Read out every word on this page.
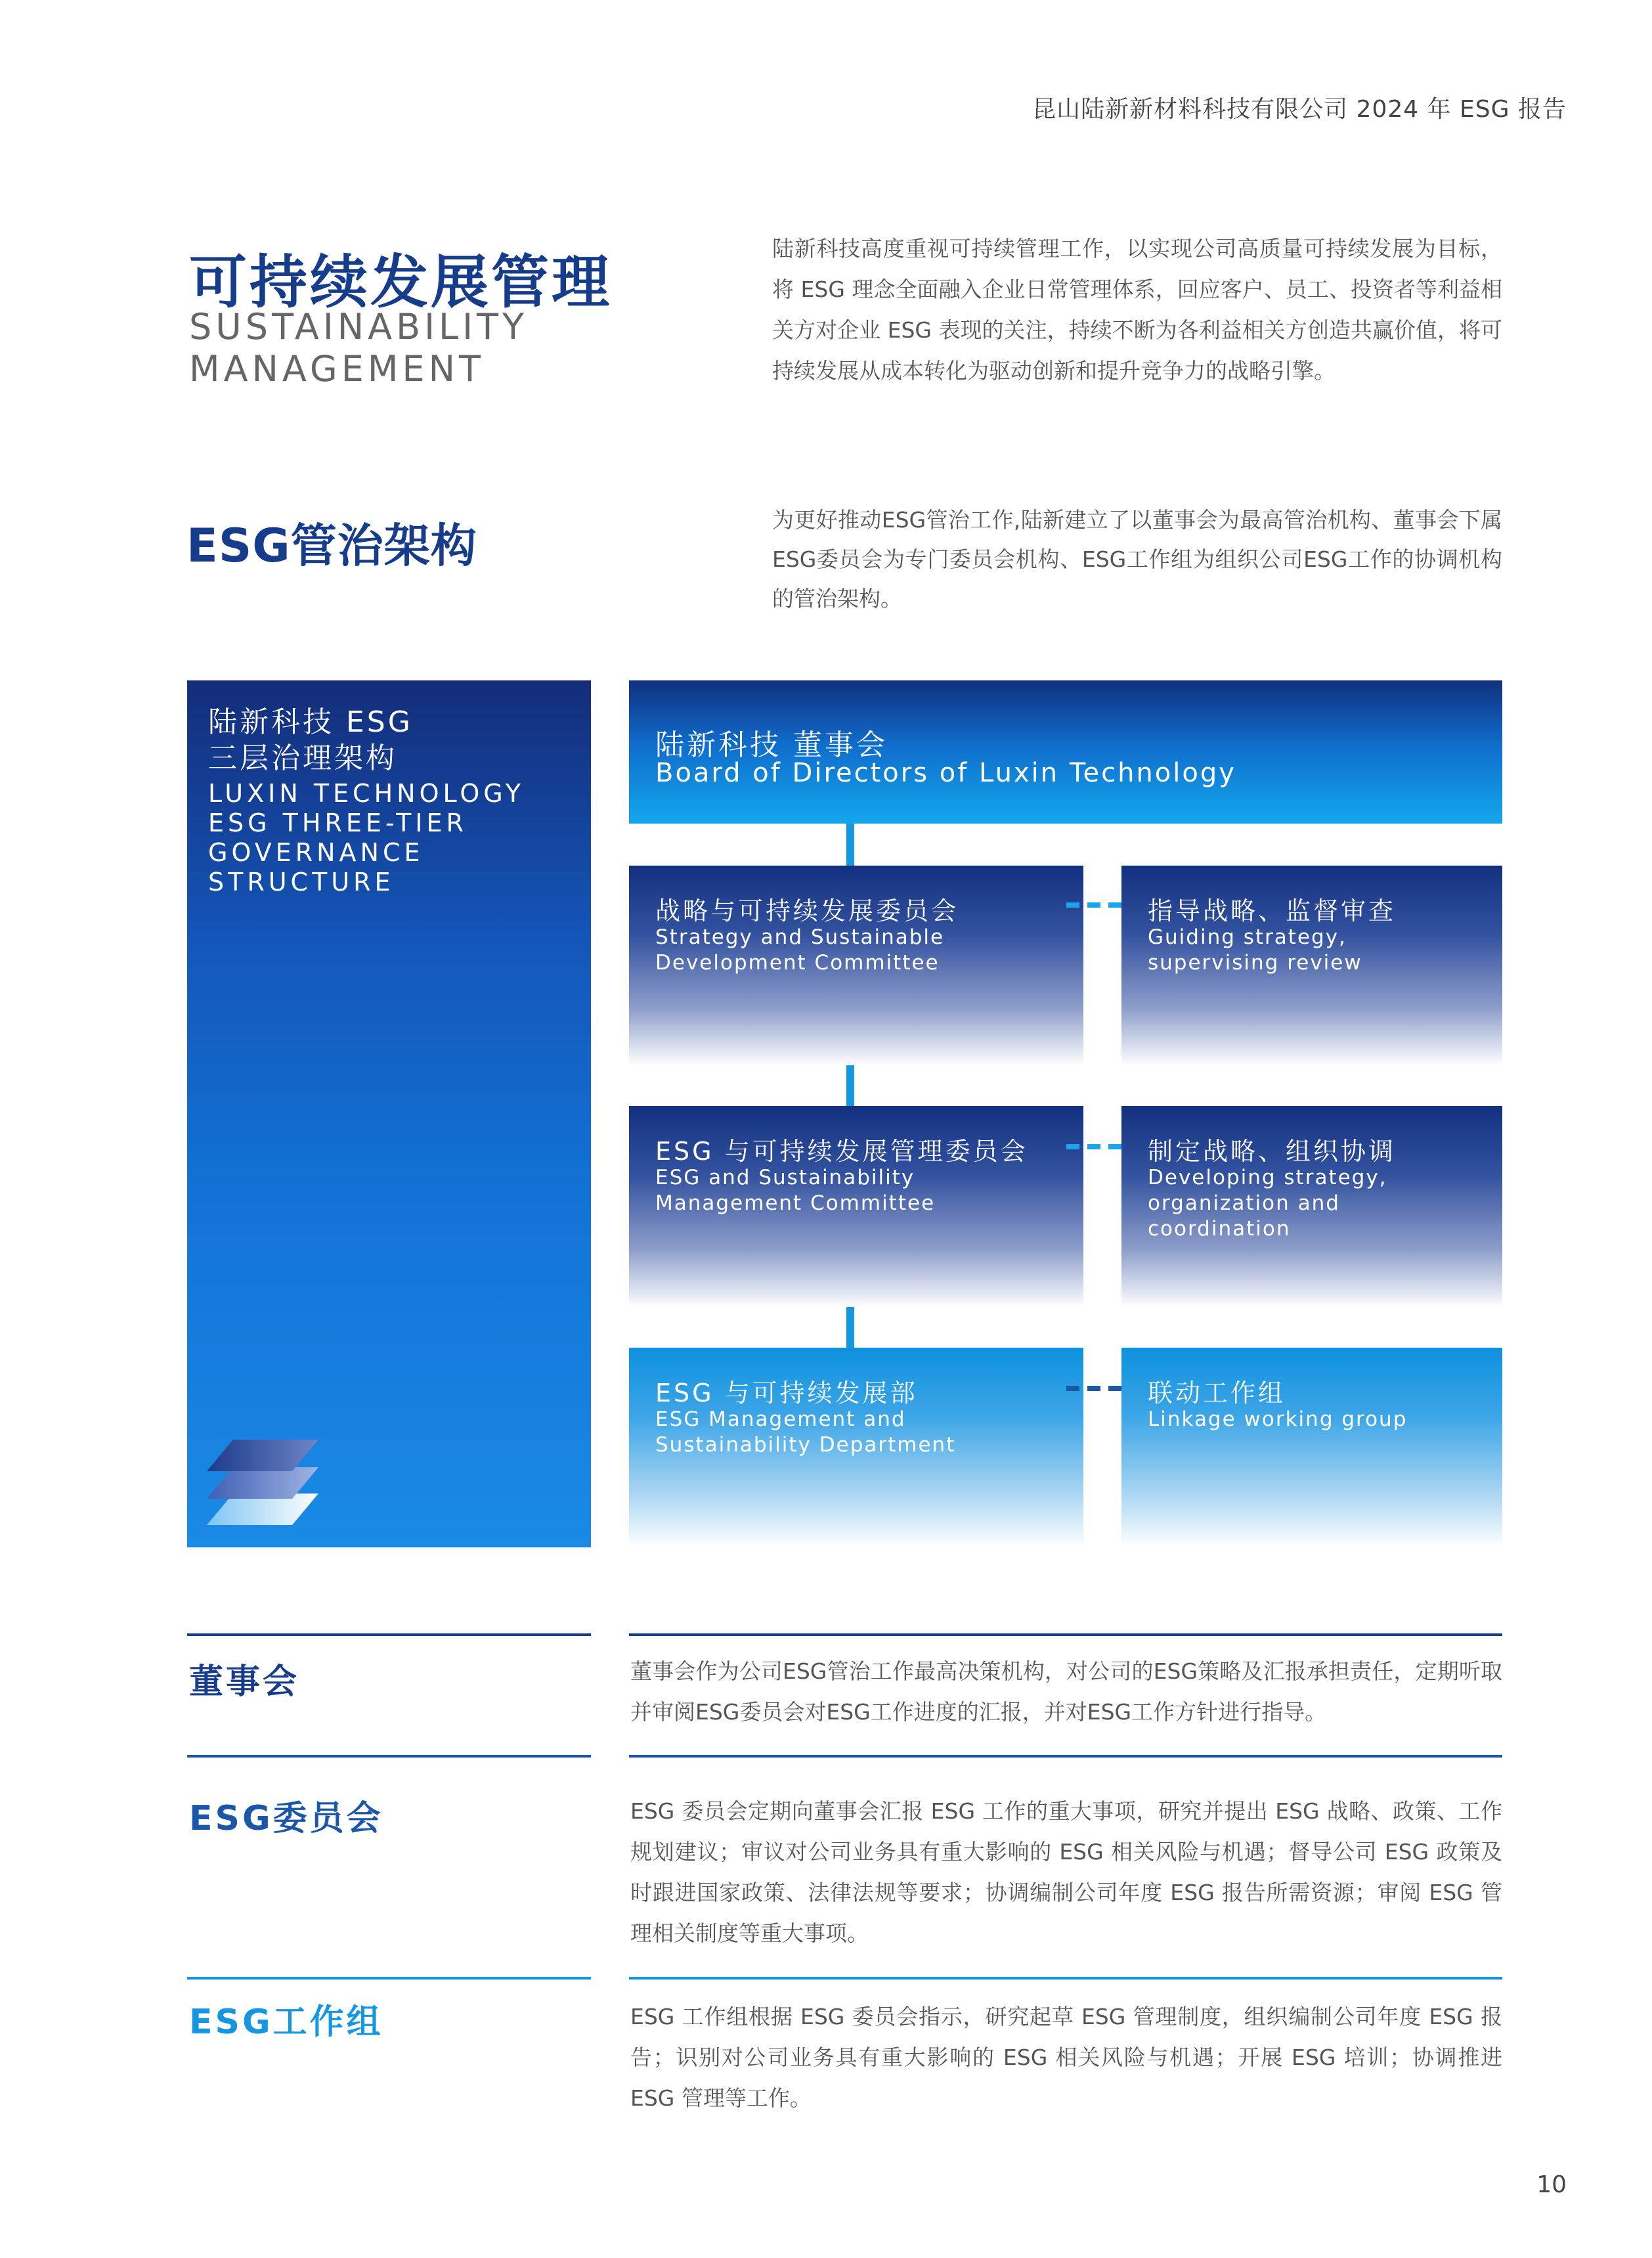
昆山陆新新材料科技有限公司 2024 年 ESG 报告
可持续发展管理
SUSTAINABILITY
MANAGEMENT
陆新科技高度重视可持续管理工作，以实现公司高质量可持续发展为目标，将 ESG 理念全面融入企业日常管理体系，回应客户、员工、投资者等利益相关方对企业 ESG 表现的关注，持续不断为各利益相关方创造共赢价值，将可持续发展从成本转化为驱动创新和提升竞争力的战略引擎。
ESG管治架构	为更好推动ESG管治工作,陆新建立了以董事会为最高管治机构、董事会下属ESG委员会为专门委员会机构、ESG工作组为组织公司ESG工作的协调机构的管治架构。
陆新科技 ESG
三层治理架构
LUXIN TECHNOLOGY ESG THREE-TIER GOVERNANCE STRUCTURE
陆新科技 董事会
Board of Directors of Luxin Technology
战略与可持续发展委员会
Strategy and Sustainable Development Committee
指导战略、监督审查
Guiding strategy, supervising review
ESG 与可持续发展管理委员会
ESG and Sustainability Management Committee
制定战略、组织协调
Developing strategy, organization and coordination
ESG 与可持续发展部
ESG Management and Sustainability Department
联动工作组
Linkage working group
董事会	董事会作为公司ESG管治工作最高决策机构，对公司的ESG策略及汇报承担责任，定期听取并审阅ESG委员会对ESG工作进度的汇报，并对ESG工作方针进行指导。
ESG委员会	ESG 委员会定期向董事会汇报 ESG 工作的重大事项，研究并提出 ESG 战略、政策、工作规划建议；审议对公司业务具有重大影响的 ESG 相关风险与机遇；督导公司 ESG 政策及时跟进国家政策、法律法规等要求；协调编制公司年度 ESG 报告所需资源；审阅 ESG 管理相关制度等重大事项。
ESG工作组	ESG 工作组根据 ESG 委员会指示，研究起草 ESG 管理制度，组织编制公司年度 ESG 报告；识别对公司业务具有重大影响的 ESG 相关风险与机遇；开展 ESG 培训；协调推进 ESG 管理等工作。
10
